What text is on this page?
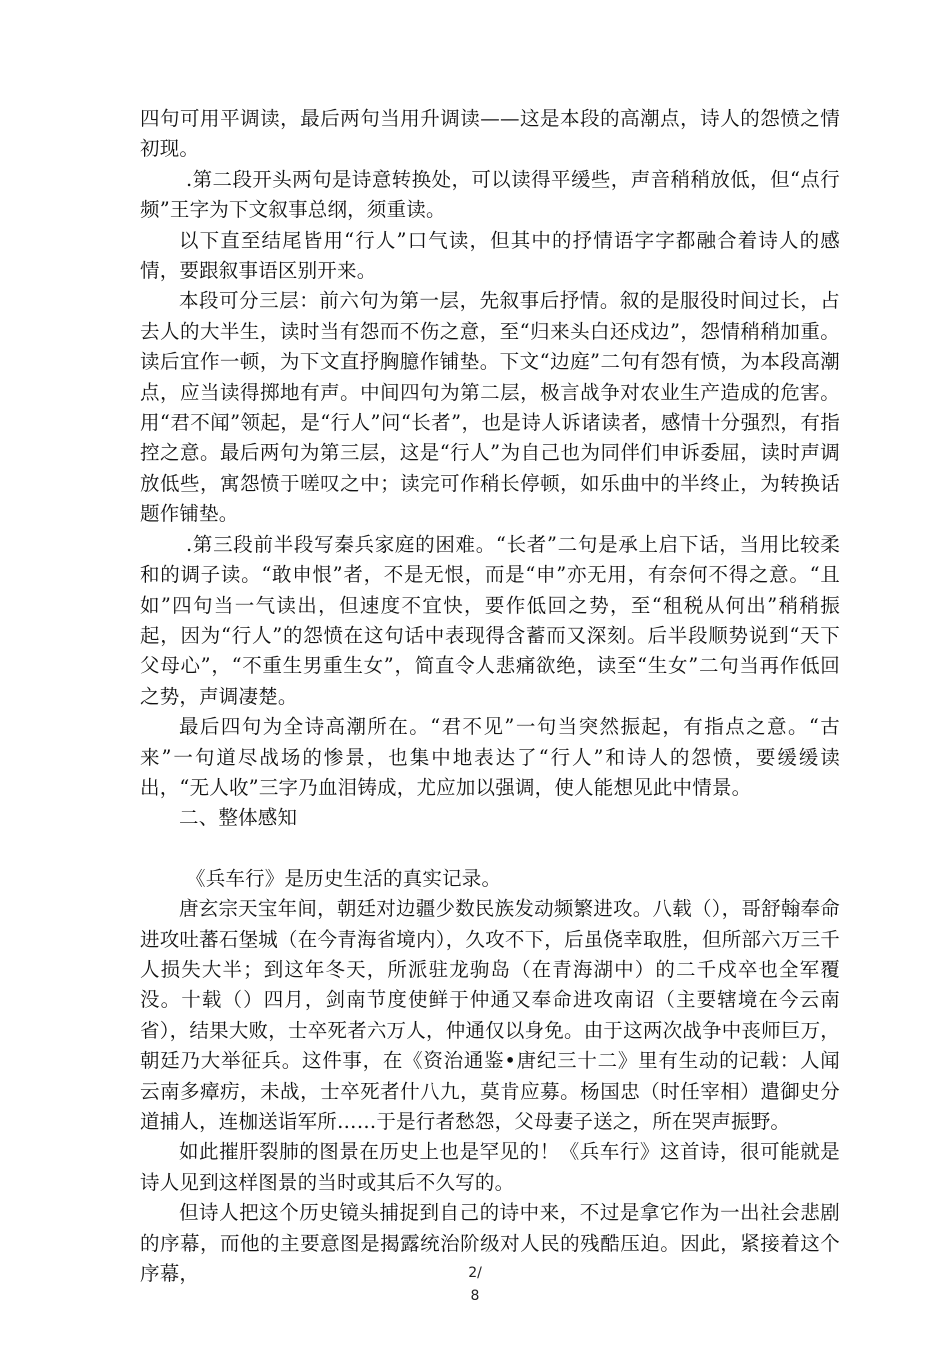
四句可用平调读，最后两句当用升调读——这是本段的高潮点，诗人的怨愤之情初现。

.第二段开头两句是诗意转换处，可以读得平缓些，声音稍稍放低，但“点行频”王字为下文叙事总纲，须重读。

以下直至结尾皆用“行人”口气读，但其中的抒情语字字都融合着诗人的感情，要跟叙事语区别开来。

本段可分三层：前六句为第一层，先叙事后抒情。叙的是服役时间过长，占去人的大半生，读时当有怨而不伤之意，至“归来头白还戍边”，怨情稍稍加重。读后宜作一顿，为下文直抒胸臆作铺垫。下文“边庭”二句有怨有愤，为本段高潮点，应当读得掷地有声。中间四句为第二层，极言战争对农业生产造成的危害。用“君不闻”领起，是“行人”问“长者”，也是诗人诉诸读者，感情十分强烈，有指控之意。最后两句为第三层，这是“行人”为自己也为同伴们申诉委屈，读时声调放低些，寓怨愤于嗟叹之中；读完可作稍长停顿，如乐曲中的半终止，为转换话题作铺垫。

.第三段前半段写秦兵家庭的困难。“长者”二句是承上启下话，当用比较柔和的调子读。“敢申恨”者，不是无恨，而是“申”亦无用，有奈何不得之意。“且如”四句当一气读出，但速度不宜快，要作低回之势，至“租税从何出”稍稍振起，因为“行人”的怨愤在这句话中表现得含蓄而又深刻。后半段顺势说到“天下父母心”，“不重生男重生女”，简直令人悲痛欲绝，读至“生女”二句当再作低回之势，声调凄楚。

最后四句为全诗高潮所在。“君不见”一句当突然振起，有指点之意。“古来”一句道尽战场的惨景，也集中地表达了“行人”和诗人的怨愤，要缓缓读出，“无人收”三字乃血泪铸成，尤应加以强调，使人能想见此中情景。

二、整体感知

《兵车行》是历史生活的真实记录。

唐玄宗天宝年间，朝廷对边疆少数民族发动频繁进攻。八载（），哥舒翰奉命进攻吐蕃石堡城（在今青海省境内），久攻不下，后虽侥幸取胜，但所部六万三千人损失大半；到这年冬天，所派驻龙驹岛（在青海湖中）的二千戍卒也全军覆没。十载（）四月，剑南节度使鲜于仲通又奉命进攻南诏（主要辖境在今云南省），结果大败，士卒死者六万人，仲通仅以身免。由于这两次战争中丧师巨万，朝廷乃大举征兵。这件事，在《资治通鉴•唐纪三十二》里有生动的记载：人闻云南多瘴疠，未战，士卒死者什八九，莫肯应募。杨国忠（时任宰相）遣御史分道捕人，连枷送诣军所……于是行者愁怨，父母妻子送之，所在哭声振野。

如此摧肝裂肺的图景在历史上也是罕见的！《兵车行》这首诗，很可能就是诗人见到这样图景的当时或其后不久写的。

但诗人把这个历史镜头捕捉到自己的诗中来，不过是拿它作为一出社会悲剧的序幕，而他的主要意图是揭露统治阶级对人民的残酷压迫。因此，紧接着这个序幕，	2/
8
